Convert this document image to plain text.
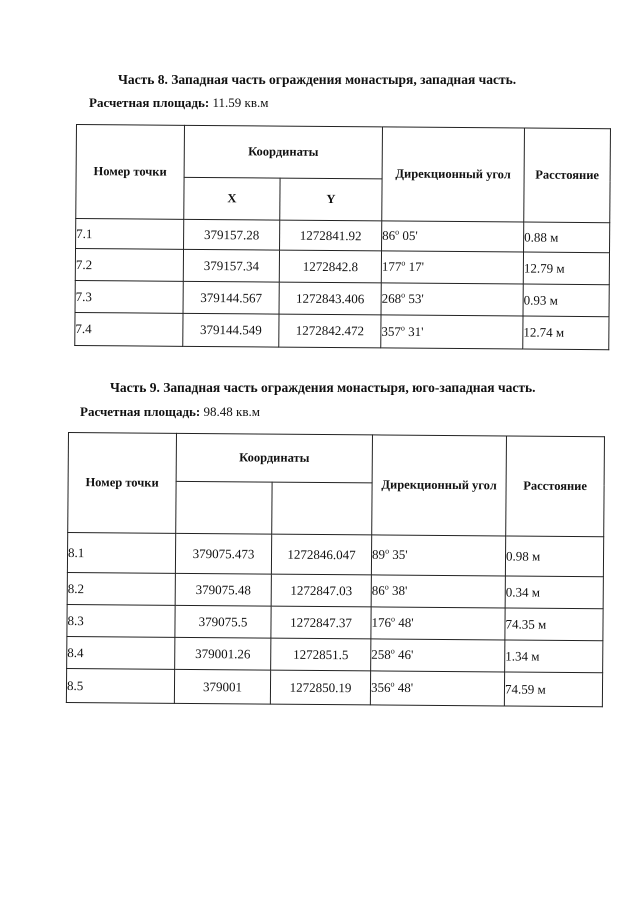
Часть 8. Западная часть ограждения монастыря, западная часть.
Расчетная площадь: 11.59 кв.м
Номер точки	Координаты		Дирекционный угол	Расстояние
	X	Y		
7.1	379157.28	1272841.92	$86^о$ 05'	0.88 м
7.2	379157.34	1272842.8	$177^о$ 17'	12.79 м
7.3	379144.567	1272843.406	$268^о$ 53'	0.93 м
7.4	379144.549	1272842.472	$357^о$ 31'	12.74 м
Часть 9. Западная часть ограждения монастыря, юго-западная часть.
Расчетная площадь: 98.48 кв.м
Номер точки	Координаты		Дирекционный угол	Расстояние

8.1	379075.473	1272846.047	$89^о$ 35'	0.98 м
8.2	379075.48	1272847.03	$86^о$ 38'	0.34 м
8.3	379075.5	1272847.37	$176^о$ 48'	74.35 м
8.4	379001.26	1272851.5	$258^о$ 46'	1.34 м
8.5	379001	1272850.19	$356^о$ 48'	74.59 м
